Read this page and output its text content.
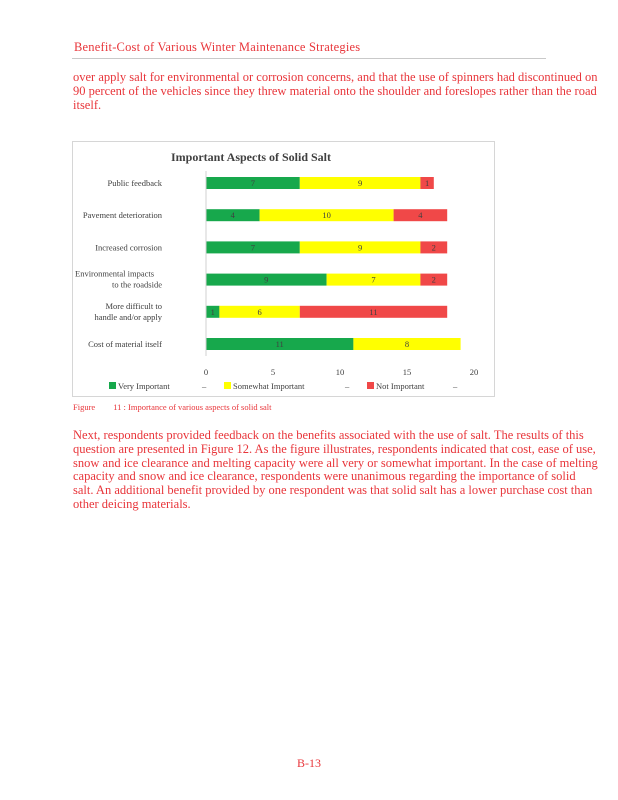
Benefit-Cost of Various Winter Maintenance Strategies

over apply salt for environmental or corrosion concerns, and that the use of spinners had discontinued on 90 percent of the vehicles since they threw material onto the shoulder and foreslopes rather than the road itself.

Important Aspects of Solid Salt
Public feedback	7	9	1
Pavement deterioration	4	10	4
Increased corrosion	7	9	2
Environmental impacts
to the roadside	9	7	2
More difficult to
handle and/or apply	1	6	11
Cost of material itself	11	8
0	5	10	15	20
Very Important	–	Somewhat Important	–	Not Important	–
Figure 11 : Importance of various aspects of solid salt

Next, respondents provided feedback on the benefits associated with the use of salt. The results of this question are presented in Figure 12. As the figure illustrates, respondents indicated that cost, ease of use, snow and ice clearance and melting capacity were all very or somewhat important. In the case of melting capacity and snow and ice clearance, respondents were unanimous regarding the importance of solid salt. An additional benefit provided by one respondent was that solid salt has a lower purchase cost than other deicing materials.

B-13
